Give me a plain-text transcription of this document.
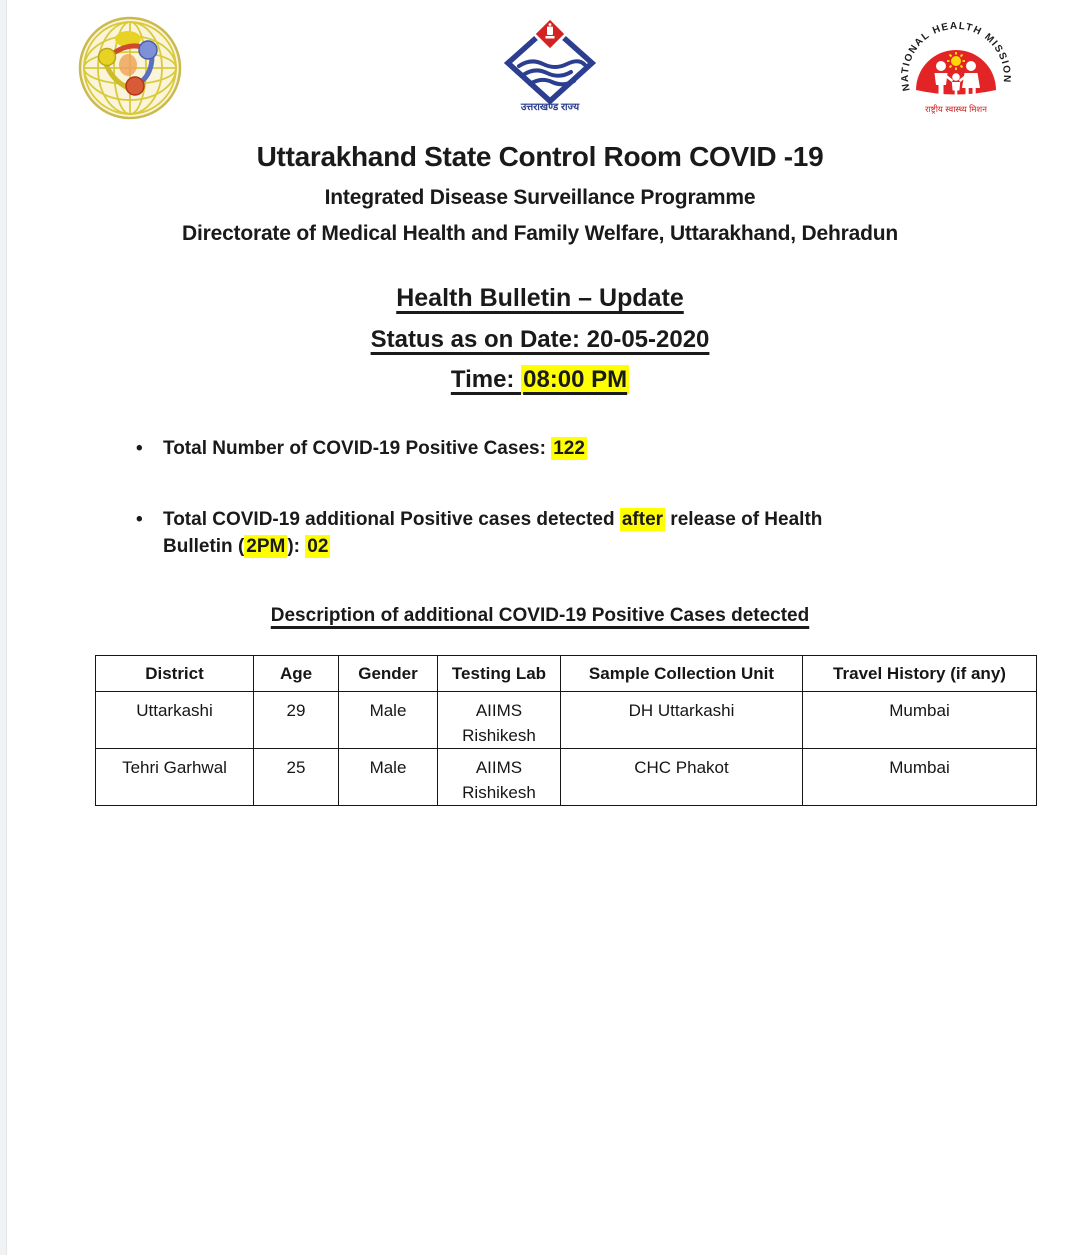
उत्तराखण्ड राज्य
NATIONAL HEALTH MISSION
राष्ट्रीय स्वास्थ्य मिशन
Uttarakhand State Control Room COVID -19
Integrated Disease Surveillance Programme
Directorate of Medical Health and Family Welfare, Uttarakhand, Dehradun
Health Bulletin – Update
Status as on Date: 20-05-2020
Time: 08:00 PM
• Total Number of COVID-19 Positive Cases: 122
• Total COVID-19 additional Positive cases detected after release of Health
Bulletin ( 2PM ): 02
Description of additional COVID-19 Positive Cases detected
District	Age	Gender	Testing Lab	Sample Collection Unit	Travel History (if any)
Uttarkashi	29	Male	AIIMS Rishikesh	DH Uttarkashi	Mumbai
Tehri Garhwal	25	Male	AIIMS Rishikesh	CHC Phakot	Mumbai
